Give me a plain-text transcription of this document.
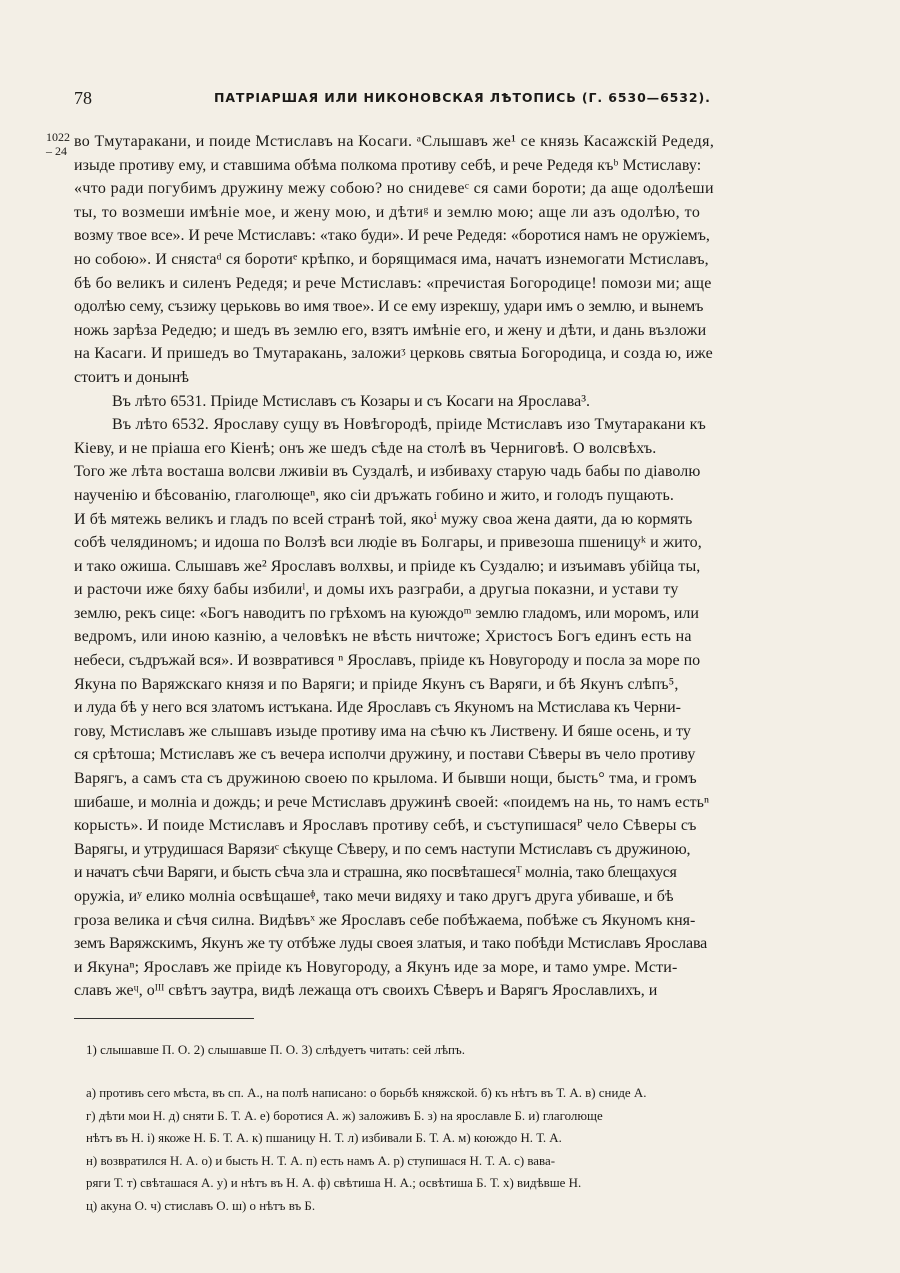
78	ПАТРІАРШАЯ ИЛИ НИКОНОВСКАЯ ЛѢТОПИСЬ (Г. 6530—6532).
1022
– 24
во Тмутаракани, и поиде Мстиславъ на Косаги. ᵃСлышавъ же¹ се князь Касажскій Редедя,
изыде противу ему, и ставшима обѣма полкома противу себѣ, и рече Редедя къᵇ Мстиславу:
«что ради погубимъ дружину межу собою? но снидевеᶜ ся сами бороти; да аще одолѣеши
ты, то возмеши имѣніе мое, и жену мою, и дѣтиᵍ и землю мою; аще ли азъ одолѣю, то
возму твое все». И рече Мстиславъ: «тако буди». И рече Редедя: «боротися намъ не оружіемъ,
но собою». И снястаᵈ ся боротиᵉ крѣпко, и борящимася има, начатъ изнемогати Мстиславъ,
бѣ бо великъ и силенъ Редедя; и рече Мстиславъ: «пречистая Богородице! помози ми; аще
одолѣю сему, съзижу церьковь во имя твое». И се ему изрекшу, удари имъ о землю, и вынемъ
ножь зарѣза Редедю; и шедъ въ землю его, взятъ имѣніе его, и жену и дѣти, и дань възложи
на Касаги. И пришедъ во Тмутаракань, заложиᶾ церковь святыа Богородица, и созда ю, иже
стоитъ и донынѣ
Въ лѣто 6531. Пріиде Мстиславъ съ Козары и съ Косаги на Ярослава³.
Въ лѣто 6532. Ярославу сущу въ Новѣгородѣ, пріиде Мстиславъ изо Тмутаракани къ
Кіеву, и не пріаша его Кіенѣ; онъ же шедъ сѣде на столѣ въ Черниговѣ. О волсвѣхъ.
Того же лѣта восташа волсви лживіи въ Суздалѣ, и избиваху старую чадь бабы по діаволю
наученію и бѣсованію, глаголющеⁿ, яко сіи дръжать гобино и жито, и голодъ пущають.
И бѣ мятежь великъ и гладъ по всей странѣ той, якоⁱ мужу своа жена даяти, да ю кормять
собѣ челядиномъ; и идоша по Волзѣ вси людіе въ Болгары, и привезоша пшеницуᵏ и жито,
и тако ожиша. Слышавъ же² Ярославъ волхвы, и пріиде къ Суздалю; и изъимавъ убійца ты,
и расточи иже бяху бабы избилиˡ, и домы ихъ разграби, а другыа показни, и устави ту
землю, рекъ сице: «Богъ наводитъ по грѣхомъ на куюждоᵐ землю гладомъ, или моромъ, или
ведромъ, или иною казнію, а человѣкъ не вѣсть ничтоже; Христосъ Богъ единъ есть на
небеси, съдръжай вся». И возвратився ⁿ Ярославъ, пріиде къ Новугороду и посла за море по
Якуна по Варяжскаго князя и по Варяги; и пріиде Якунъ съ Варяги, и бѣ Якунъ слѣпъ⁵,
и луда бѣ у него вся златомъ истъкана. Иде Ярославъ съ Якуномъ на Мстислава къ Черни-
гову, Мстиславъ же слышавъ изыде противу има на сѣчю къ Листвену. И бяше осень, и ту
ся срѣтоша; Мстиславъ же съ вечера исполчи дружину, и постави Сѣверы въ чело противу
Варягъ, а самъ ста съ дружиною своею по крылома. И бывши нощи, бысть° тма, и громъ
шибаше, и молніа и дождь; и рече Мстиславъ дружинѣ своей: «поидемъ на нь, то намъ естьⁿ
корысть». И поиде Мстиславъ и Ярославъ противу себѣ, и съступишасяᴾ чело Сѣверы съ
Варягы, и утрудишася Варязиᶜ сѣкуще Сѣверу, и по семъ наступи Мстиславъ съ дружиною,
и начатъ сѣчи Варяги, и бысть сѣча зла и страшна, яко посвѣташесяᵀ молніа, тако блещахуся
оружіа, иʸ елико молніа освѣщашеᶲ, тако мечи видяху и тако другъ друга убиваше, и бѣ
гроза велика и сѣчя силна. Видѣвъˣ же Ярославъ себе побѣжаема, побѣже съ Якуномъ кня-
земъ Варяжскимъ, Якунъ же ту отбѣже луды своея златыя, и тако побѣди Мстиславъ Ярослава
и Якунаⁿ; Ярославъ же пріиде къ Новугороду, а Якунъ иде за море, и тамо умре. Мсти-
славъ жеᶣ, оᴵᴵᴵ свѣтъ заутра, видѣ лежаща отъ своихъ Сѣверъ и Варягъ Ярославлихъ, и
1) слышавше П. О. 2) слышавше П. О. 3) слѣдуетъ читать: сей лѣпъ.
а) противъ сего мѣста, въ сп. А., на полѣ написано: о борьбѣ княжской. б) къ нѣтъ въ Т. А. в) сниде А.
г) дѣти мои Н. д) сняти Б. Т. А. е) боротися А. ж) заложивъ Б. з) на ярославле Б. и) глаголюще
нѣтъ въ Н. і) якоже Н. Б. Т. А. к) пшаницу Н. Т. л) избивали Б. Т. А. м) коюждо Н. Т. А.
н) возвратился Н. А. о) и бысть Н. Т. А. п) есть намъ А. р) ступишася Н. Т. А. с) вава-
ряги Т. т) свѣташася А. у) и нѣтъ въ Н. А. ф) свѣтиша Н. А.; освѣтиша Б. Т. х) видѣвше Н.
ц) акуна О. ч) стиславъ О. ш) о нѣтъ въ Б.
